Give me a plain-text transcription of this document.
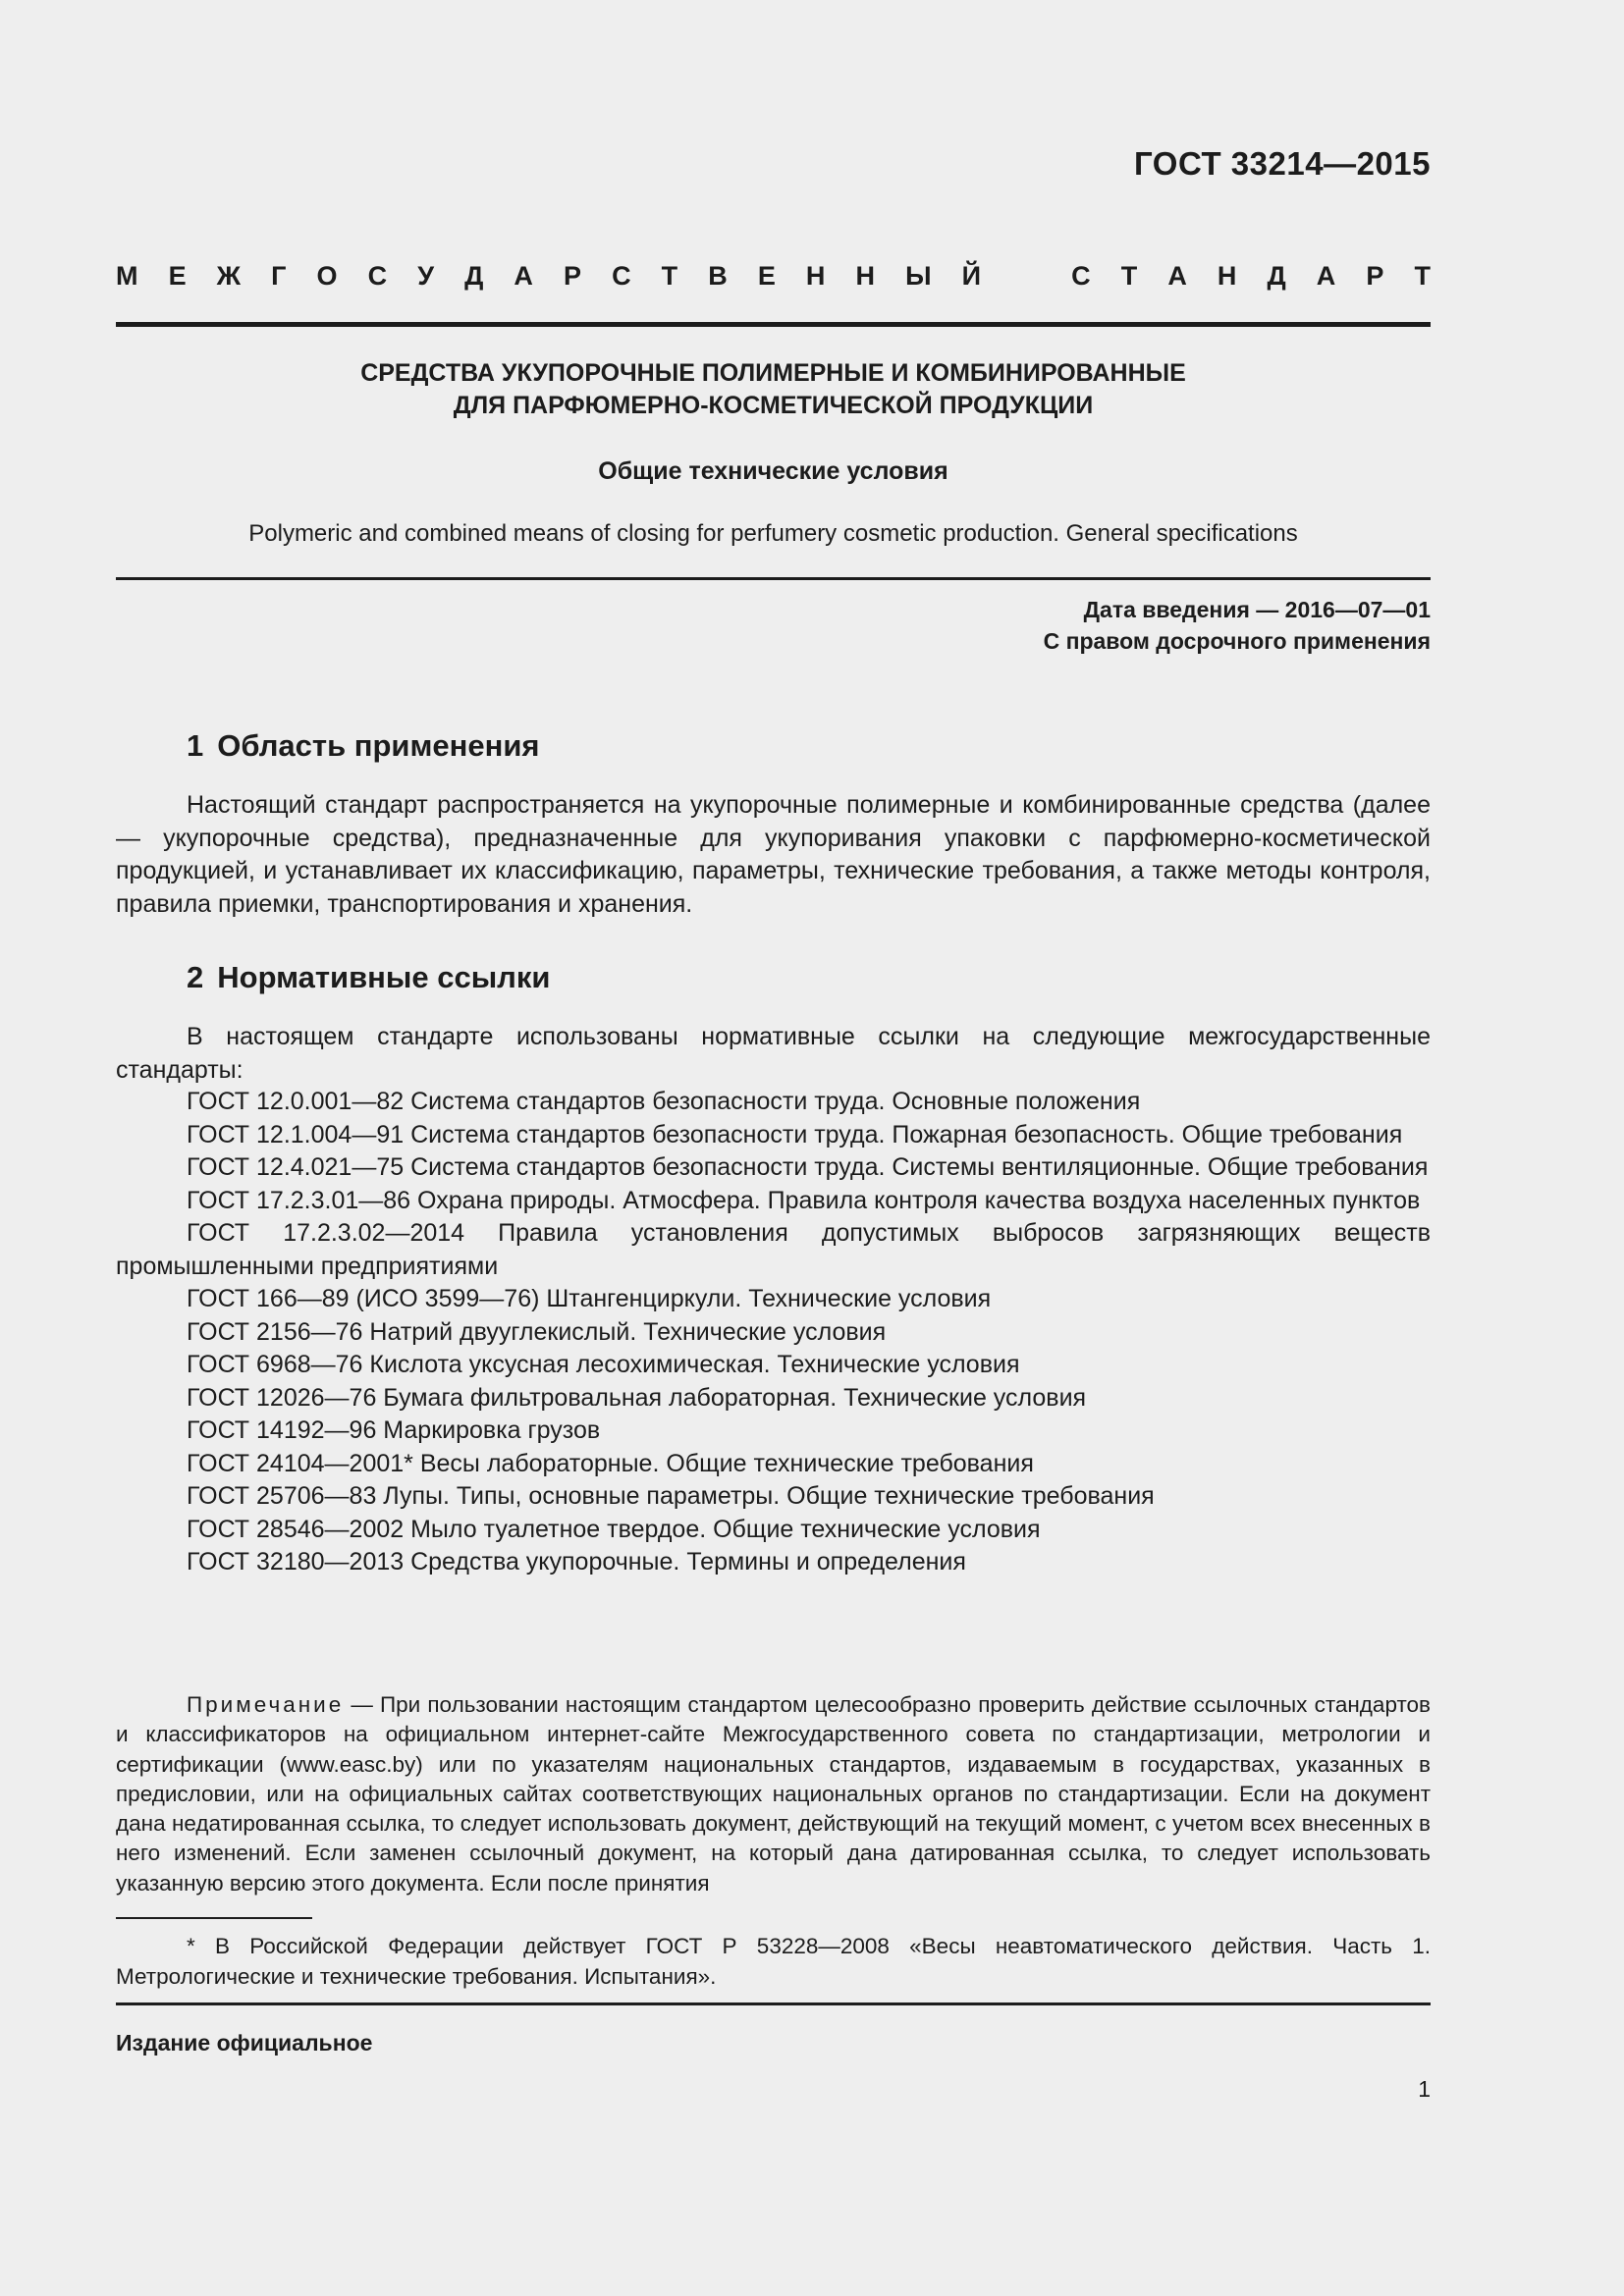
ГОСТ 33214—2015
М Е Ж Г О С У Д А Р С Т В Е Н Н Ы Й	С Т А Н Д А Р Т
СРЕДСТВА УКУПОРОЧНЫЕ ПОЛИМЕРНЫЕ И КОМБИНИРОВАННЫЕ
ДЛЯ ПАРФЮМЕРНО-КОСМЕТИЧЕСКОЙ ПРОДУКЦИИ
Общие технические условия
Polymeric and combined means of closing for perfumery cosmetic production. General specifications
Дата введения — 2016—07—01
С правом досрочного применения
1 Область применения
Настоящий стандарт распространяется на укупорочные полимерные и комбинированные средства (далее — укупорочные средства), предназначенные для укупоривания упаковки с парфюмерно-косметической продукцией, и устанавливает их классификацию, параметры, технические требования, а также методы контроля, правила приемки, транспортирования и хранения.
2 Нормативные ссылки
В настоящем стандарте использованы нормативные ссылки на следующие межгосударственные стандарты:
ГОСТ 12.0.001—82 Система стандартов безопасности труда. Основные положения
ГОСТ 12.1.004—91 Система стандартов безопасности труда. Пожарная безопасность. Общие требования
ГОСТ 12.4.021—75 Система стандартов безопасности труда. Системы вентиляционные. Общие требования
ГОСТ 17.2.3.01—86 Охрана природы. Атмосфера. Правила контроля качества воздуха населенных пунктов
ГОСТ 17.2.3.02—2014 Правила установления допустимых выбросов загрязняющих веществ промышленными предприятиями
ГОСТ 166—89 (ИСО 3599—76) Штангенциркули. Технические условия
ГОСТ 2156—76 Натрий двууглекислый. Технические условия
ГОСТ 6968—76 Кислота уксусная лесохимическая. Технические условия
ГОСТ 12026—76 Бумага фильтровальная лабораторная. Технические условия
ГОСТ 14192—96 Маркировка грузов
ГОСТ 24104—2001* Весы лабораторные. Общие технические требования
ГОСТ 25706—83 Лупы. Типы, основные параметры. Общие технические требования
ГОСТ 28546—2002 Мыло туалетное твердое. Общие технические условия
ГОСТ 32180—2013 Средства укупорочные. Термины и определения
Примечание — При пользовании настоящим стандартом целесообразно проверить действие ссылочных стандартов и классификаторов на официальном интернет-сайте Межгосударственного совета по стандартизации, метрологии и сертификации (www.easc.by) или по указателям национальных стандартов, издаваемым в государствах, указанных в предисловии, или на официальных сайтах соответствующих национальных органов по стандартизации. Если на документ дана недатированная ссылка, то следует использовать документ, действующий на текущий момент, с учетом всех внесенных в него изменений. Если заменен ссылочный документ, на который дана датированная ссылка, то следует использовать указанную версию этого документа. Если после принятия
* В Российской Федерации действует ГОСТ Р 53228—2008 «Весы неавтоматического действия. Часть 1. Метрологические и технические требования. Испытания».
Издание официальное
1
